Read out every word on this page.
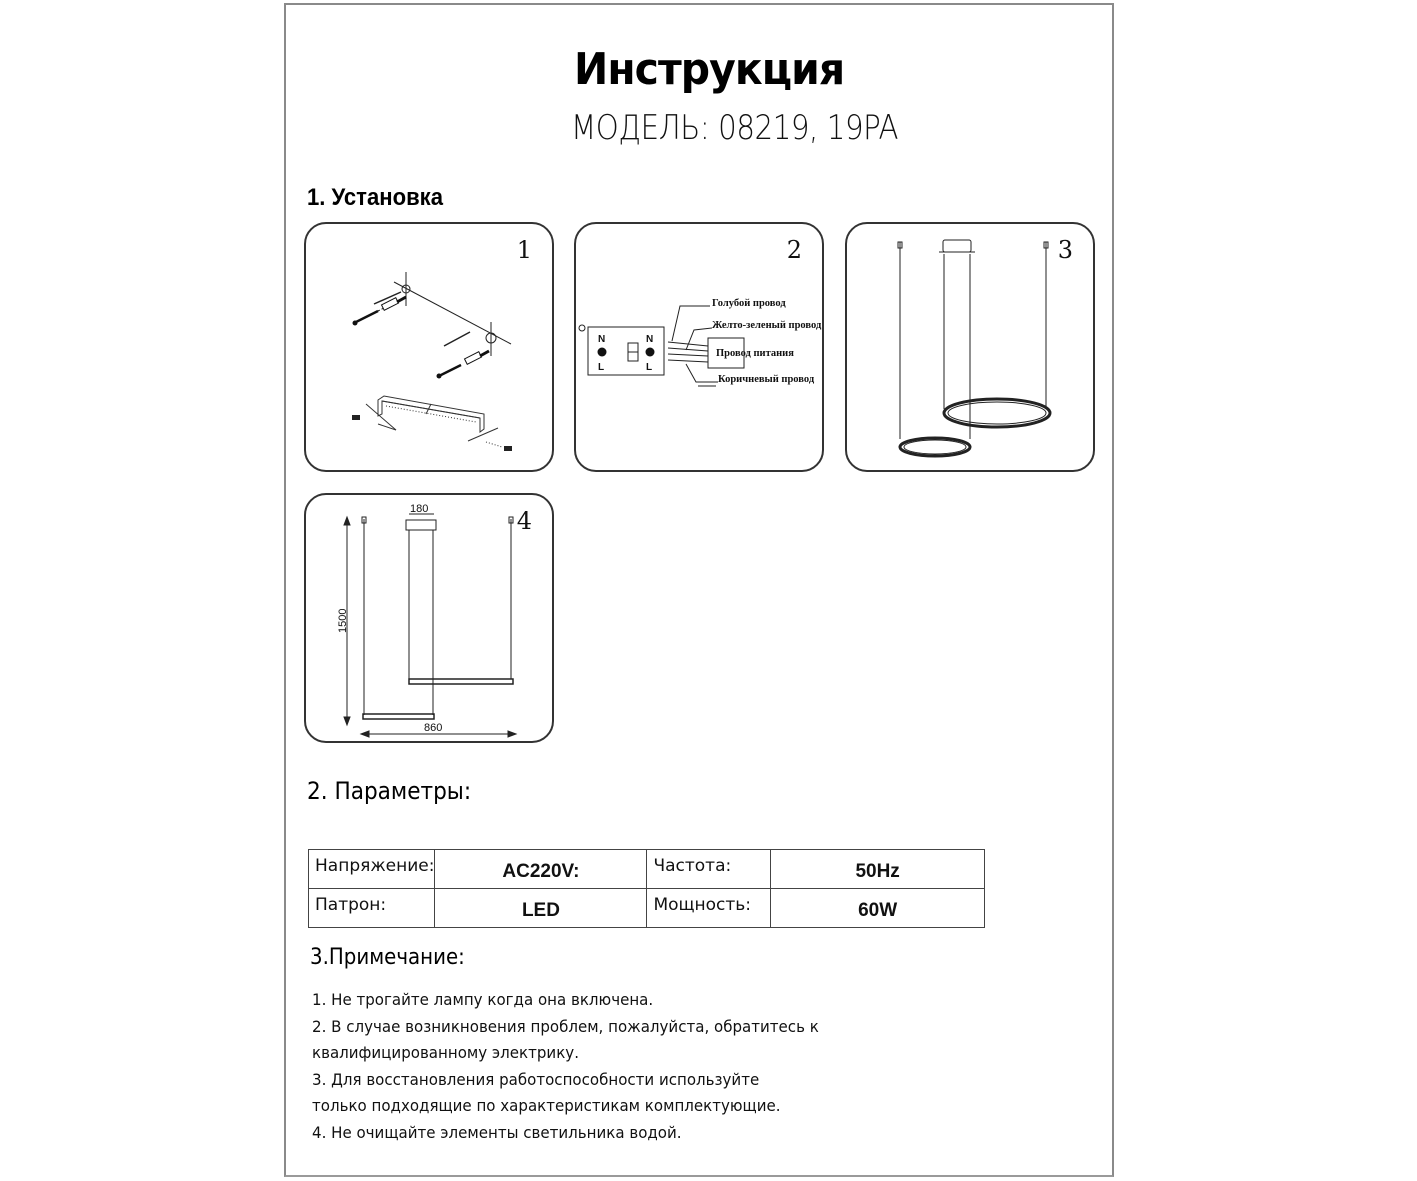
Инструкция
МОДЕЛЬ: 08219, 19PA
1. Установка
1	2
N
L
N
L
Голубой провод
Желто-зеленый провод
Провод питания
Коричневый провод
3
4
180
1500
860
2. Параметры:
Напряжение:	AC220V:	Частота:	50Hz
Патрон:	LED	Мощность:	60W
3.Примечание:
1. Не трогайте лампу когда она включена.
2. В случае возникновения проблем, пожалуйста, обратитесь к
квалифицированному электрику.
3. Для восстановления работоспособности используйте
только подходящие по характеристикам комплектующие.
4. Не очищайте элементы светильника водой.
